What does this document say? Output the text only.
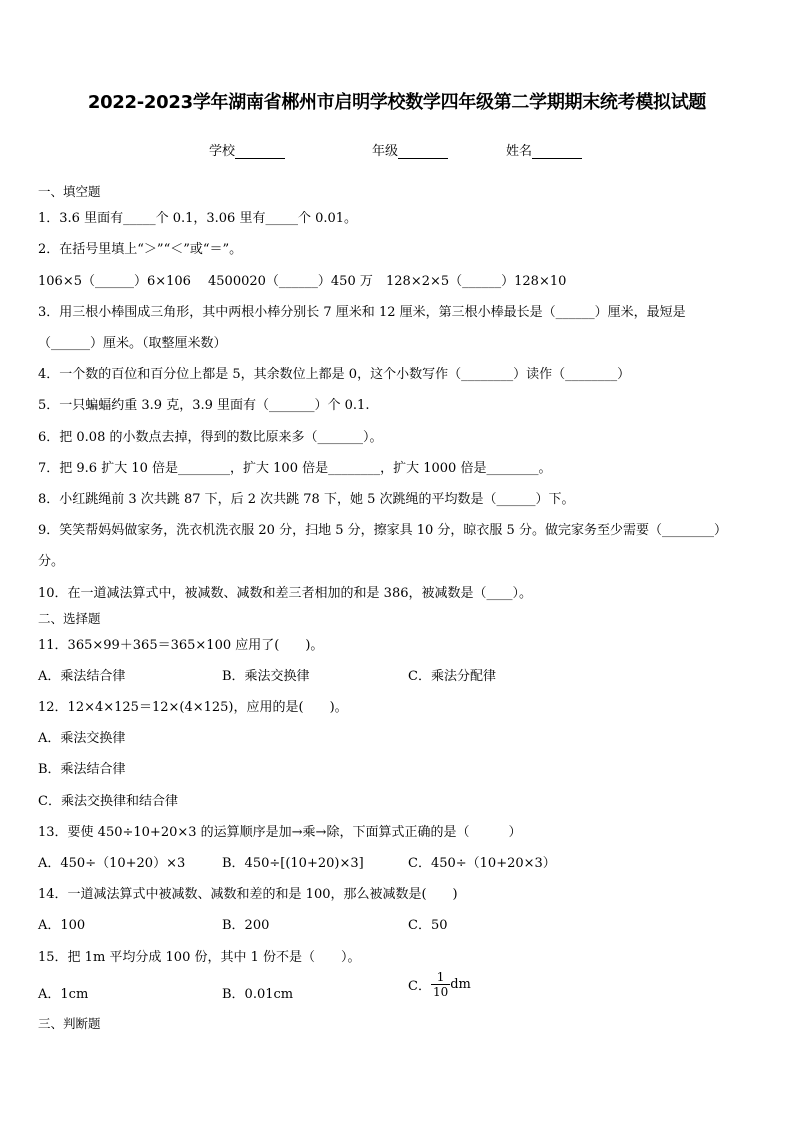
2022-2023学年湖南省郴州市启明学校数学四年级第二学期期末统考模拟试题
学校	年级	姓名
一、填空题
1．3.6 里面有_____个 0.1，3.06 里有_____个 0.01。
2．在括号里填上“＞”“＜”或“＝”。
106×5（______）6×106 4500020（______）450 万 128×2×5（______）128×10
3．用三根小棒围成三角形，其中两根小棒分别长 7 厘米和 12 厘米，第三根小棒最长是（______）厘米，最短是
（______）厘米。（取整厘米数）
4．一个数的百位和百分位上都是 5，其余数位上都是 0，这个小数写作（________）读作（________）
5．一只蝙蝠约重 3.9 克，3.9 里面有（_______）个 0.1.
6．把 0.08 的小数点去掉，得到的数比原来多（_______）。
7．把 9.6 扩大 10 倍是________，扩大 100 倍是________，扩大 1000 倍是________。
8．小红跳绳前 3 次共跳 87 下，后 2 次共跳 78 下，她 5 次跳绳的平均数是（______）下。
9．笑笑帮妈妈做家务，洗衣机洗衣服 20 分，扫地 5 分，擦家具 10 分，晾衣服 5 分。做完家务至少需要（________）
分。
10．在一道减法算式中，被减数、减数和差三者相加的和是 386，被减数是（____）。
二、选择题
11．365×99＋365＝365×100 应用了(　　)。
A．乘法结合律	B．乘法交换律	C．乘法分配律
12．12×4×125＝12×(4×125)，应用的是(　　)。
A．乘法交换律
B．乘法结合律
C．乘法交换律和结合律
13．要使 450÷10+20×3 的运算顺序是加→乘→除，下面算式正确的是（　　　）
A．450÷（10+20）×3	B．450÷[(10+20)×3]	C．450÷（10+20×3）
14．一道减法算式中被减数、减数和差的和是 100，那么被减数是(　　)
A．100	B．200	C．50
15．把 1m 平均分成 100 份，其中 1 份不是（　　）。
A．1cm	B．0.01cm
C． $\frac{1}{10}$ dm
三、判断题
